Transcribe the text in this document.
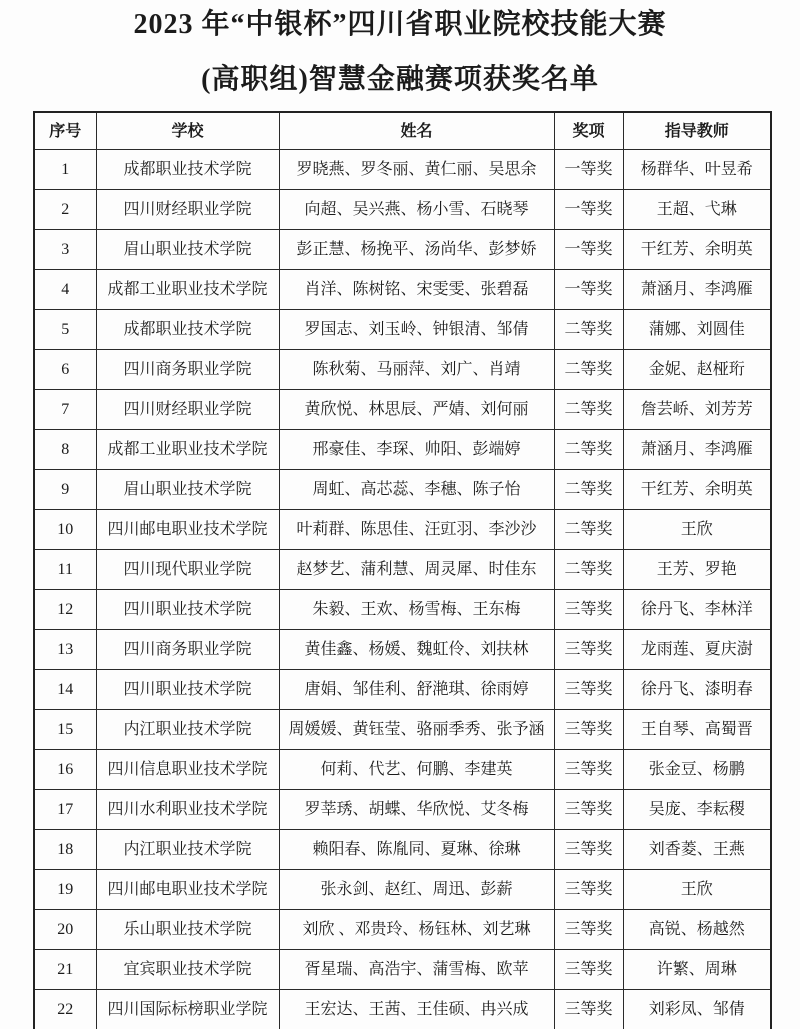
2023 年“中银杯”四川省职业院校技能大赛
(高职组)智慧金融赛项获奖名单
序号	学校	姓名	奖项	指导教师
1	成都职业技术学院	罗晓燕、罗冬丽、黄仁丽、吴思余	一等奖	杨群华、叶昱希
2	四川财经职业学院	向超、吴兴燕、杨小雪、石晓琴	一等奖	王超、弋琳
3	眉山职业技术学院	彭正慧、杨挽平、汤尚华、彭梦娇	一等奖	干红芳、余明英
4	成都工业职业技术学院	肖洋、陈树铭、宋雯雯、张碧磊	一等奖	萧涵月、李鸿雁
5	成都职业技术学院	罗国志、刘玉岭、钟银清、邹倩	二等奖	蒲娜、刘圆佳
6	四川商务职业学院	陈秋菊、马丽萍、刘广、肖靖	二等奖	金妮、赵桠珩
7	四川财经职业学院	黄欣悦、林思辰、严婧、刘何丽	二等奖	詹芸峤、刘芳芳
8	成都工业职业技术学院	邢豪佳、李琛、帅阳、彭端婷	二等奖	萧涵月、李鸿雁
9	眉山职业技术学院	周虹、高芯蕊、李穗、陈子怡	二等奖	干红芳、余明英
10	四川邮电职业技术学院	叶莉群、陈思佳、汪豇羽、李沙沙	二等奖	王欣
11	四川现代职业学院	赵梦艺、蒲利慧、周灵犀、时佳东	二等奖	王芳、罗艳
12	四川职业技术学院	朱毅、王欢、杨雪梅、王东梅	三等奖	徐丹飞、李林洋
13	四川商务职业学院	黄佳鑫、杨媛、魏虹伶、刘扶林	三等奖	龙雨莲、夏庆澍
14	四川职业技术学院	唐娟、邹佳利、舒滟琪、徐雨婷	三等奖	徐丹飞、漆明春
15	内江职业技术学院	周媛媛、黄钰莹、骆丽季秀、张予涵	三等奖	王自琴、高蜀晋
16	四川信息职业技术学院	何莉、代艺、何鹏、李建英	三等奖	张金豆、杨鹏
17	四川水利职业技术学院	罗莘琇、胡蝶、华欣悦、艾冬梅	三等奖	吴庞、李耘稷
18	内江职业技术学院	赖阳春、陈胤同、夏琳、徐琳	三等奖	刘香菱、王燕
19	四川邮电职业技术学院	张永剑、赵红、周迅、彭薪	三等奖	王欣
20	乐山职业技术学院	刘欣 、邓贵玲、杨钰林、刘艺琳	三等奖	高锐、杨越然
21	宜宾职业技术学院	胥星瑞、高浩宇、蒲雪梅、欧苹	三等奖	许繁、周琳
22	四川国际标榜职业学院	王宏达、王茜、王佳硕、冉兴成	三等奖	刘彩凤、邹倩
